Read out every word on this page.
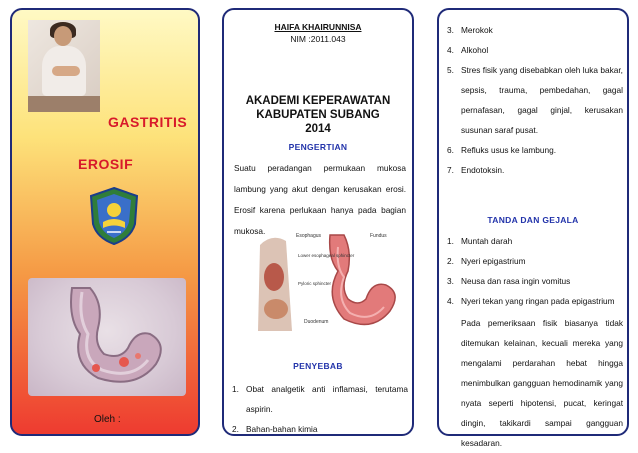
GASTRITIS
EROSIF
Oleh :
HAIFA KHAIRUNNISA
NIM :2011.043
AKADEMI KEPERAWATAN
KABUPATEN SUBANG
2014
PENGERTIAN
Suatu peradangan permukaan mukosa lambung yang akut dengan kerusakan erosi. Erosif karena perlukaan hanya pada bagian mukosa.	Esophagus	Fundus
Lower esophageal sphincter
Pyloric sphincter
Duodenum
PENYEBAB
1. Obat analgetik anti inflamasi, terutama aspirin.
2. Bahan-bahan kimia
3. Merokok
4. Alkohol
5. Stres fisik yang disebabkan oleh luka bakar, sepsis, trauma, pembedahan, gagal pernafasan, gagal ginjal, kerusakan susunan saraf pusat.
6. Refluks usus ke lambung.
7. Endotoksin.
TANDA DAN GEJALA
1. Muntah darah
2. Nyeri epigastrium
3. Neusa dan rasa ingin vomitus
4. Nyeri tekan yang ringan pada epigastrium
Pada pemeriksaan fisik biasanya tidak ditemukan kelainan, kecuali mereka yang mengalami perdarahan hebat hingga menimbulkan gangguan hemodinamik yang nyata seperti hipotensi, pucat, keringat dingin, takikardi sampai gangguan kesadaran.
